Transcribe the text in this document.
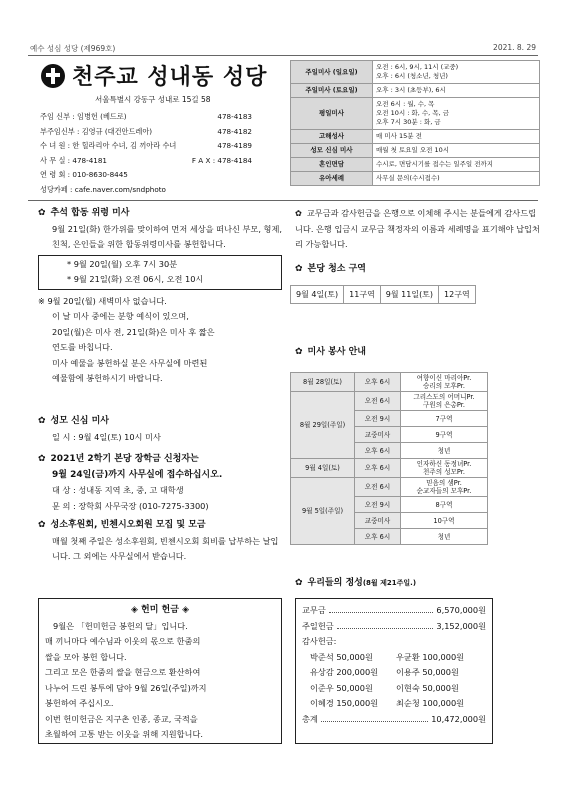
예수 성심 성당 (제969호)	2021. 8. 29
천주교 성내동 성당
서울특별시 강동구 성내로 15길 58
주임 신부 : 임병헌 (베드로)	478-4183
부주임신부 : 김영규 (대건안드레아)	478-4182
수 녀 원 : 한 힐라리아 수녀, 김 끼아라 수녀	478-4189
사 무 실 : 478-4181	F A X : 478-4184
연 령 회 : 010-8630-8445
성당카페 : cafe.naver.com/sndphoto
주일미사 (일요일)	오전 : 6시, 9시, 11시 (교중)
오후 : 6시 (청소년, 청년)
주일미사 (토요일)	오후 : 3시 (초등부), 6시
평일미사	오전 6시 : 월, 수, 목
오전 10시 : 화, 수, 목, 금
오후 7시 30분 : 화, 금
고해성사	매 미사 15분 전
성모 신심 미사	매월 첫 토요일 오전 10시
혼인면담	수시로, 면담시기를 접수는 일주일 전까지
유아세례	사무실 문의(수시접수)
✿ 추석 합동 위령 미사
9월 21일(화) 한가위를 맞이하여 먼저 세상을 떠나신 부모, 형제, 친척, 은인들을 위한 합동위령미사를 봉헌합니다.
* 9월 20일(월) 오후 7시 30분
* 9월 21일(화) 오전 06시, 오전 10시
※ 9월 20일(월) 새벽미사 없습니다.
이 날 미사 중에는 분향 예식이 있으며,
20일(월)은 미사 전, 21일(화)은 미사 후 짧은
연도를 바칩니다.
미사 예물을 봉헌하실 분은 사무실에 마련된
예물함에 봉헌하시기 바랍니다.
✿ 성모 신심 미사
일 시 : 9월 4일(토) 10시 미사
✿ 2021년 2학기 본당 장학금 신청자는
9월 24일(금)까지 사무실에 접수하십시오.
대 상 : 성내동 지역 초, 중, 고 대학생
문 의 : 장학회 사무국장 (010-7275-3300)
✿ 성소후원회, 빈첸시오회원 모집 및 모금
매월 첫째 주일은 성소후원회, 빈첸시오회 회비를 납부하는 날입니다. 그 외에는 사무실에서 받습니다.
◈ 헌미 헌금 ◈
9월은 「헌미헌금 봉헌의 달」입니다.
매 끼니마다 예수님과 이웃의 몫으로 한줌의
쌀을 모아 봉헌 합니다.
그리고 모은 한줌의 쌀을 현금으로 환산하여
나누어 드린 봉투에 담아 9월 26일(주일)까지
봉헌하여 주십시오.
이번 헌미헌금은 지구촌 인종, 종교, 국적을
초월하여 고통 받는 이웃을 위해 지원합니다.
✿ 교무금과 감사헌금을 은행으로 이체해 주시는 분들에게 감사드립니다. 은행 입금시 교무금 책정자의 이름과 세례명을 표기해야 납입처리 가능합니다.
✿ 본당 청소 구역
9월 4일(토)	11구역	9월 11일(토)	12구역
✿ 미사 봉사 안내
8월 28일(토)	오후 6시	여향이신 마리아Pr.
승리의 모후Pr.
8월 29일(주일)	오전 6시	그리스도의 어머니Pr.
구원의 은총Pr.
	오전 9시	7구역
	교중미사	9구역
	오후 6시	청년
9월 4일(토)	오후 6시	인자하신 동정녀Pr.
천주의 성모Pr.
9월 5일(주일)	오전 6시	믿음의 샘Pr.
순교자들의 모후Pr.
	오전 9시	8구역
	교중미사	10구역
	오후 6시	청년
✿ 우리들의 정성(8월 제21주일.)
교무금	6,570,000원
주일헌금	3,152,000원
감사헌금:
박준석 50,000원	우균환 100,000원
유상감 200,000원	이용주 50,000원
이준우 50,000원	이현숙 50,000원
이혜경 150,000원	최순청 100,000원
총계	10,472,000원
